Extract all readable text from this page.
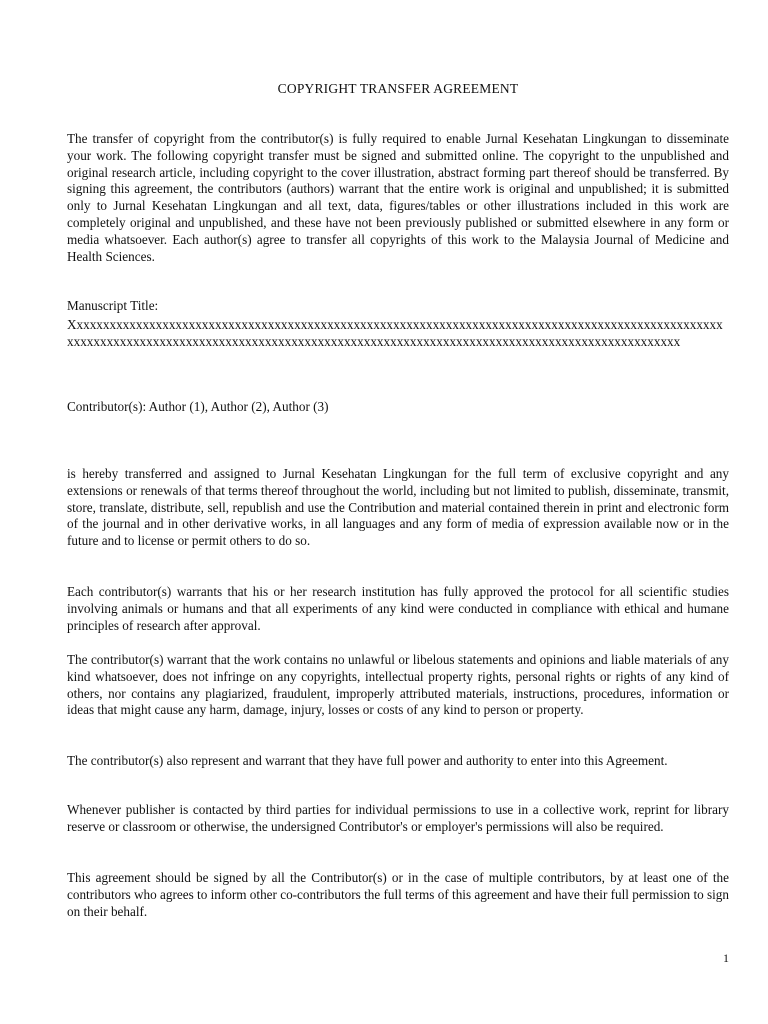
COPYRIGHT TRANSFER AGREEMENT

The transfer of copyright from the contributor(s) is fully required to enable Jurnal Kesehatan Lingkungan to disseminate your work. The following copyright transfer must be signed and submitted online. The copyright to the unpublished and original research article, including copyright to the cover illustration, abstract forming part thereof should be transferred. By signing this agreement, the contributors (authors) warrant that the entire work is original and unpublished; it is submitted only to Jurnal Kesehatan Lingkungan and all text, data, figures/tables or other illustrations included in this work are completely original and unpublished, and these have not been previously published or submitted elsewhere in any form or media whatsoever. Each author(s) agree to transfer all copyrights of this work to the Malaysia Journal of Medicine and Health Sciences.

Manuscript Title:
Xxxxxxxxxxxxxxxxxxxxxxxxxxxxxxxxxxxxxxxxxxxxxxxxxxxxxxxxxxxxxxxxxxxxxxxxxxxxxxxxxxxxxxxxxxxxxxxxxxxxxxxxxxxxxxxxxxxxxxxxxxxxxxxxxxxxxxxxxxxxxxxxxxxxxxxxxxxxxxxxxxxxxxxxxxxxxxxxxxxxxxxxxxxxxxxx
Contributor(s): Author (1), Author (2), Author (3)

is hereby transferred and assigned to Jurnal Kesehatan Lingkungan for the full term of exclusive copyright and any extensions or renewals of that terms thereof throughout the world, including but not limited to publish, disseminate, transmit, store, translate, distribute, sell, republish and use the Contribution and material contained therein in print and electronic form of the journal and in other derivative works, in all languages and any form of media of expression available now or in the future and to license or permit others to do so.

Each contributor(s) warrants that his or her research institution has fully approved the protocol for all scientific studies involving animals or humans and that all experiments of any kind were conducted in compliance with ethical and humane principles of research after approval.

The contributor(s) warrant that the work contains no unlawful or libelous statements and opinions and liable materials of any kind whatsoever, does not infringe on any copyrights, intellectual property rights, personal rights or rights of any kind of others, nor contains any plagiarized, fraudulent, improperly attributed materials, instructions, procedures, information or ideas that might cause any harm, damage, injury, losses or costs of any kind to person or property.

The contributor(s) also represent and warrant that they have full power and authority to enter into this Agreement.

Whenever publisher is contacted by third parties for individual permissions to use in a collective work, reprint for library reserve or classroom or otherwise, the undersigned Contributor's or employer's permissions will also be required.

This agreement should be signed by all the Contributor(s) or in the case of multiple contributors, by at least one of the contributors who agrees to inform other co-contributors the full terms of this agreement and have their full permission to sign on their behalf.

1
